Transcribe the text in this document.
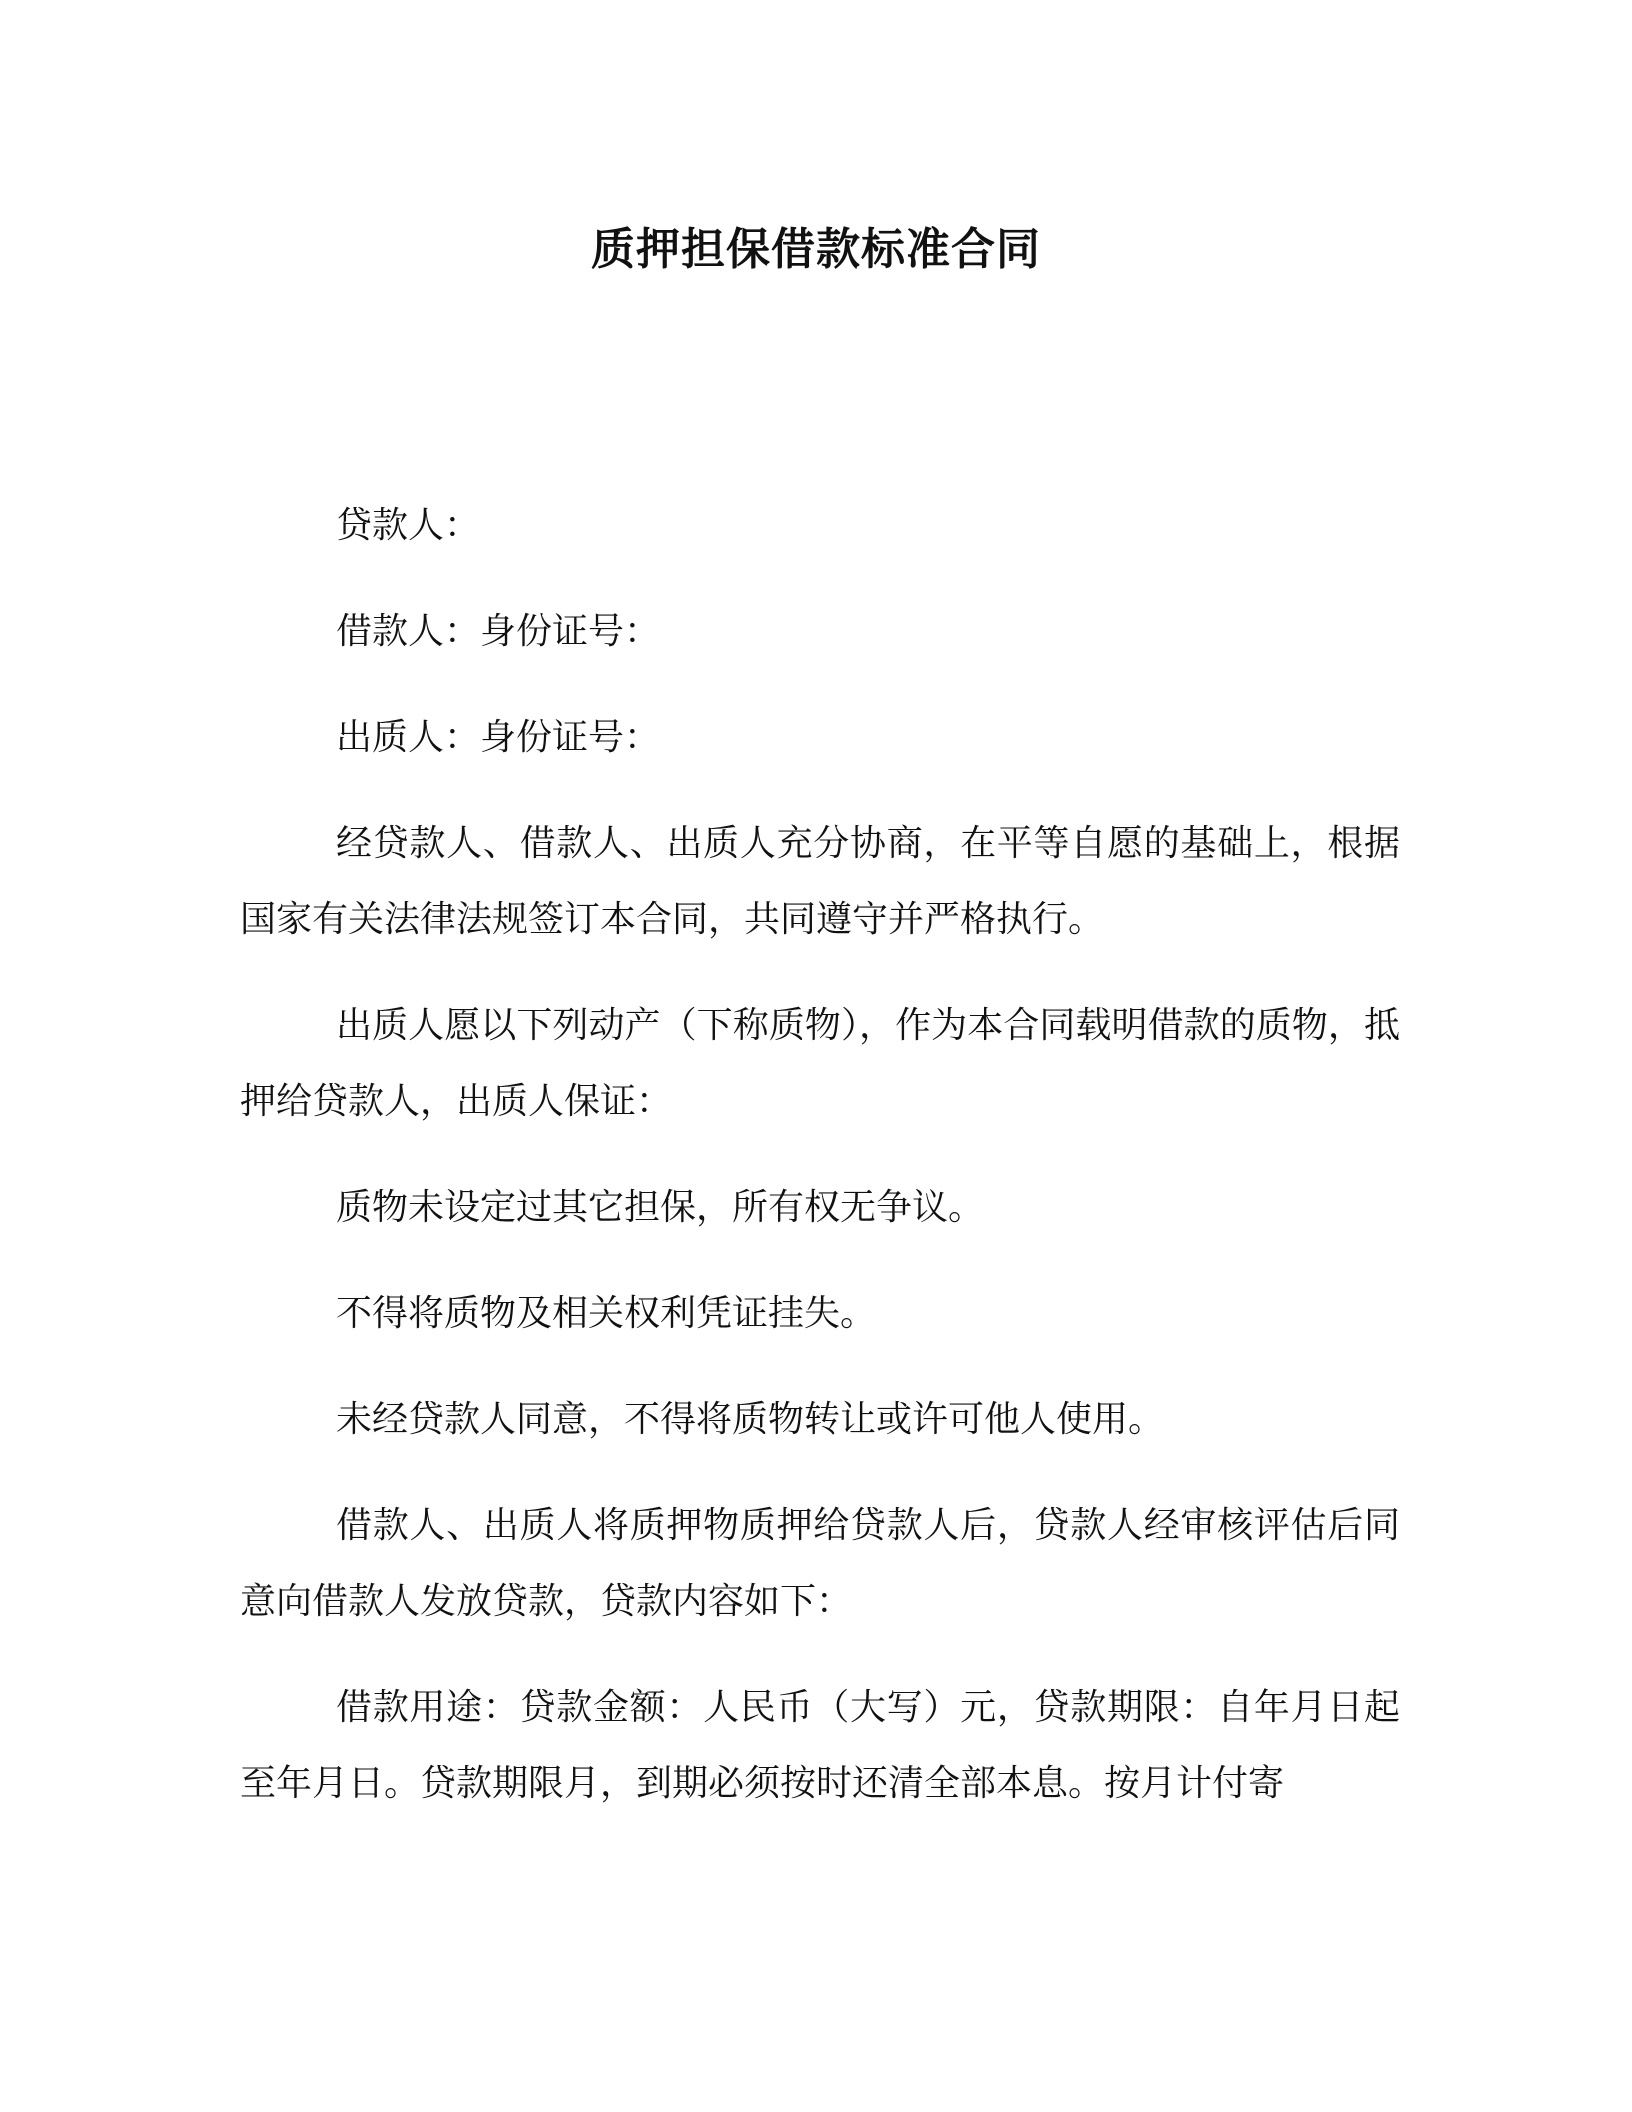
质押担保借款标准合同

贷款人：

借款人：身份证号：

出质人：身份证号：

经贷款人、借款人、出质人充分协商，在平等自愿的基础上，根据国家有关法律法规签订本合同，共同遵守并严格执行。

出质人愿以下列动产（下称质物），作为本合同载明借款的质物，抵押给贷款人，出质人保证：

质物未设定过其它担保，所有权无争议。

不得将质物及相关权利凭证挂失。

未经贷款人同意，不得将质物转让或许可他人使用。

借款人、出质人将质押物质押给贷款人后，贷款人经审核评估后同意向借款人发放贷款，贷款内容如下：

借款用途：贷款金额：人民币（大写）元，贷款期限：自年月日起至年月日。贷款期限月，到期必须按时还清全部本息。按月计付寄
